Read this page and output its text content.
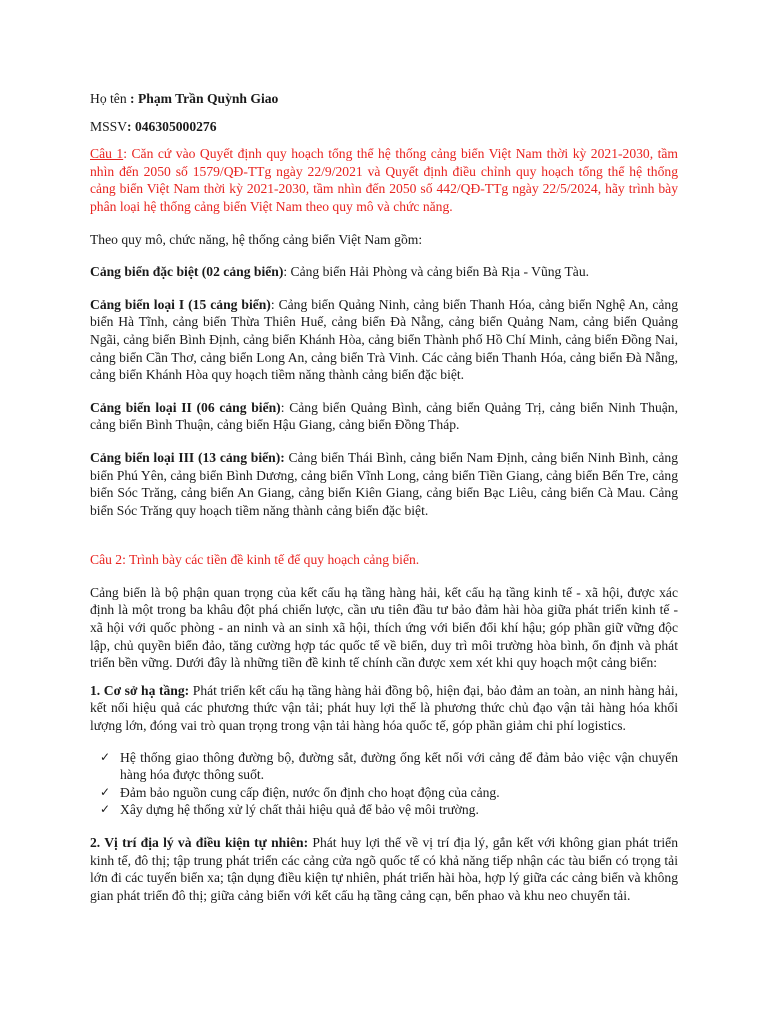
Họ tên : Phạm Trần Quỳnh Giao

MSSV: 046305000276

Câu 1: Căn cứ vào Quyết định quy hoạch tổng thể hệ thống cảng biển Việt Nam thời kỳ 2021-2030, tầm nhìn đến 2050 số 1579/QĐ-TTg ngày 22/9/2021 và Quyết định điều chỉnh quy hoạch tổng thể hệ thống cảng biển Việt Nam thời kỳ 2021-2030, tầm nhìn đến 2050 số 442/QĐ-TTg ngày 22/5/2024, hãy trình bày phân loại hệ thống cảng biển Việt Nam theo quy mô và chức năng.

Theo quy mô, chức năng, hệ thống cảng biển Việt Nam gồm:

Cảng biển đặc biệt (02 cảng biển): Cảng biển Hải Phòng và cảng biển Bà Rịa - Vũng Tàu.

Cảng biển loại I (15 cảng biển): Cảng biển Quảng Ninh, cảng biển Thanh Hóa, cảng biển Nghệ An, cảng biển Hà Tĩnh, cảng biển Thừa Thiên Huế, cảng biển Đà Nẵng, cảng biển Quảng Nam, cảng biển Quảng Ngãi, cảng biển Bình Định, cảng biển Khánh Hòa, cảng biển Thành phố Hồ Chí Minh, cảng biển Đồng Nai, cảng biển Cần Thơ, cảng biển Long An, cảng biển Trà Vinh. Các cảng biển Thanh Hóa, cảng biển Đà Nẵng, cảng biển Khánh Hòa quy hoạch tiềm năng thành cảng biển đặc biệt.

Cảng biển loại II (06 cảng biển): Cảng biển Quảng Bình, cảng biển Quảng Trị, cảng biển Ninh Thuận, cảng biển Bình Thuận, cảng biển Hậu Giang, cảng biển Đồng Tháp.

Cảng biển loại III (13 cảng biển): Cảng biển Thái Bình, cảng biển Nam Định, cảng biển Ninh Bình, cảng biển Phú Yên, cảng biển Bình Dương, cảng biển Vĩnh Long, cảng biển Tiền Giang, cảng biển Bến Tre, cảng biển Sóc Trăng, cảng biển An Giang, cảng biển Kiên Giang, cảng biển Bạc Liêu, cảng biển Cà Mau. Cảng biển Sóc Trăng quy hoạch tiềm năng thành cảng biển đặc biệt.

Câu 2: Trình bày các tiền đề kinh tế để quy hoạch cảng biển.

Cảng biển là bộ phận quan trọng của kết cấu hạ tầng hàng hải, kết cấu hạ tầng kinh tế - xã hội, được xác định là một trong ba khâu đột phá chiến lược, cần ưu tiên đầu tư bảo đảm hài hòa giữa phát triển kinh tế - xã hội với quốc phòng - an ninh và an sinh xã hội, thích ứng với biến đổi khí hậu; góp phần giữ vững độc lập, chủ quyền biển đảo, tăng cường hợp tác quốc tế về biển, duy trì môi trường hòa bình, ổn định và phát triển bền vững. Dưới đây là những tiền đề kinh tế chính cần được xem xét khi quy hoạch một cảng biển:

1. Cơ sở hạ tầng: Phát triển kết cấu hạ tầng hàng hải đồng bộ, hiện đại, bảo đảm an toàn, an ninh hàng hải, kết nối hiệu quả các phương thức vận tải; phát huy lợi thế là phương thức chủ đạo vận tải hàng hóa khối lượng lớn, đóng vai trò quan trọng trong vận tải hàng hóa quốc tế, góp phần giảm chi phí logistics.

✓ Hệ thống giao thông đường bộ, đường sắt, đường ống kết nối với cảng để đảm bảo việc vận chuyển hàng hóa được thông suốt.
✓ Đảm bảo nguồn cung cấp điện, nước ổn định cho hoạt động của cảng.
✓ Xây dựng hệ thống xử lý chất thải hiệu quả để bảo vệ môi trường.

2. Vị trí địa lý và điều kiện tự nhiên: Phát huy lợi thế về vị trí địa lý, gắn kết với không gian phát triển kinh tế, đô thị; tập trung phát triển các cảng cửa ngõ quốc tế có khả năng tiếp nhận các tàu biển có trọng tải lớn đi các tuyến biển xa; tận dụng điều kiện tự nhiên, phát triển hài hòa, hợp lý giữa các cảng biển và không gian phát triển đô thị; giữa cảng biển với kết cấu hạ tầng cảng cạn, bến phao và khu neo chuyển tải.
